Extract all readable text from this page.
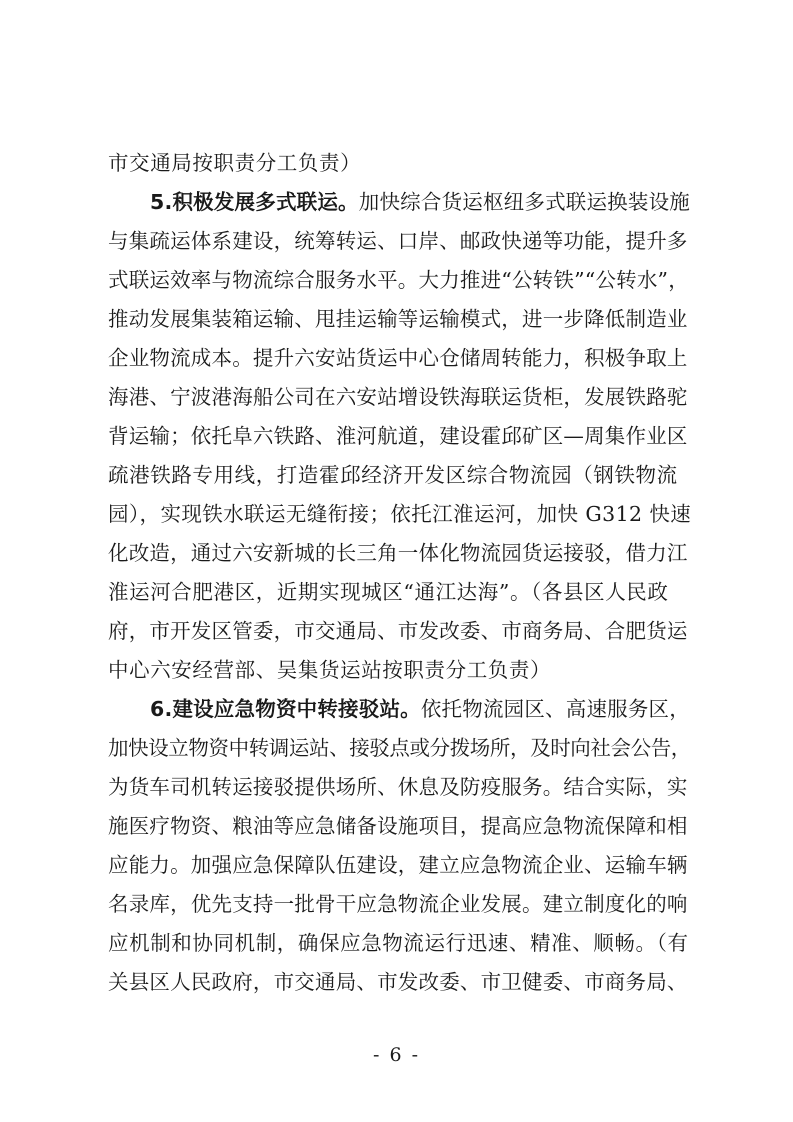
市交通局按职责分工负责）
5.积极发展多式联运。加快综合货运枢纽多式联运换装设施
与集疏运体系建设，统筹转运、口岸、邮政快递等功能，提升多
式联运效率与物流综合服务水平。大力推进“公转铁”“公转水”，
推动发展集装箱运输、甩挂运输等运输模式，进一步降低制造业
企业物流成本。提升六安站货运中心仓储周转能力，积极争取上
海港、宁波港海船公司在六安站增设铁海联运货柜，发展铁路驼
背运输；依托阜六铁路、淮河航道，建设霍邱矿区—周集作业区
疏港铁路专用线，打造霍邱经济开发区综合物流园（钢铁物流
园），实现铁水联运无缝衔接；依托江淮运河，加快 G312 快速
化改造，通过六安新城的长三角一体化物流园货运接驳，借力江
淮运河合肥港区，近期实现城区“通江达海”。（各县区人民政
府，市开发区管委，市交通局、市发改委、市商务局、合肥货运
中心六安经营部、吴集货运站按职责分工负责）
6.建设应急物资中转接驳站。依托物流园区、高速服务区，
加快设立物资中转调运站、接驳点或分拨场所，及时向社会公告，
为货车司机转运接驳提供场所、休息及防疫服务。结合实际，实
施医疗物资、粮油等应急储备设施项目，提高应急物流保障和相
应能力。加强应急保障队伍建设，建立应急物流企业、运输车辆
名录库，优先支持一批骨干应急物流企业发展。建立制度化的响
应机制和协同机制，确保应急物流运行迅速、精准、顺畅。（有
关县区人民政府，市交通局、市发改委、市卫健委、市商务局、
- 6 -
